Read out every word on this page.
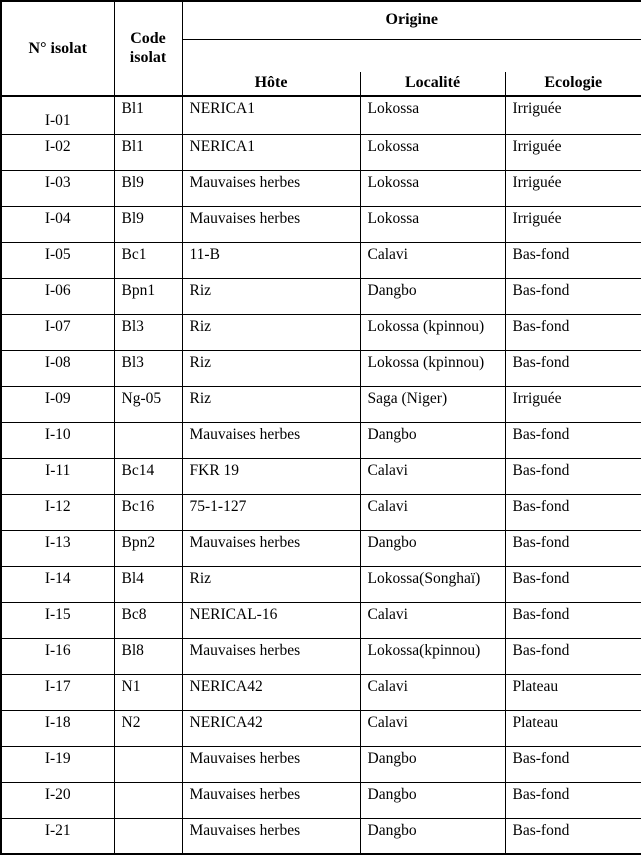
N° isolat	Code isolat	Origine		

		Hôte	Localité	Ecologie
I-01	Bl1	NERICA1	Lokossa	Irriguée
I-02	Bl1	NERICA1	Lokossa	Irriguée
I-03	Bl9	Mauvaises herbes	Lokossa	Irriguée
I-04	Bl9	Mauvaises herbes	Lokossa	Irriguée
I-05	Bc1	11-B	Calavi	Bas-fond
I-06	Bpn1	Riz	Dangbo	Bas-fond
I-07	Bl3	Riz	Lokossa (kpinnou)	Bas-fond
I-08	Bl3	Riz	Lokossa (kpinnou)	Bas-fond
I-09	Ng-05	Riz	Saga (Niger)	Irriguée
I-10		Mauvaises herbes	Dangbo	Bas-fond
I-11	Bc14	FKR 19	Calavi	Bas-fond
I-12	Bc16	75-1-127	Calavi	Bas-fond
I-13	Bpn2	Mauvaises herbes	Dangbo	Bas-fond
I-14	Bl4	Riz	Lokossa(Songhaï)	Bas-fond
I-15	Bc8	NERICAL-16	Calavi	Bas-fond
I-16	Bl8	Mauvaises herbes	Lokossa(kpinnou)	Bas-fond
I-17	N1	NERICA42	Calavi	Plateau
I-18	N2	NERICA42	Calavi	Plateau
I-19		Mauvaises herbes	Dangbo	Bas-fond
I-20		Mauvaises herbes	Dangbo	Bas-fond
I-21		Mauvaises herbes	Dangbo	Bas-fond
